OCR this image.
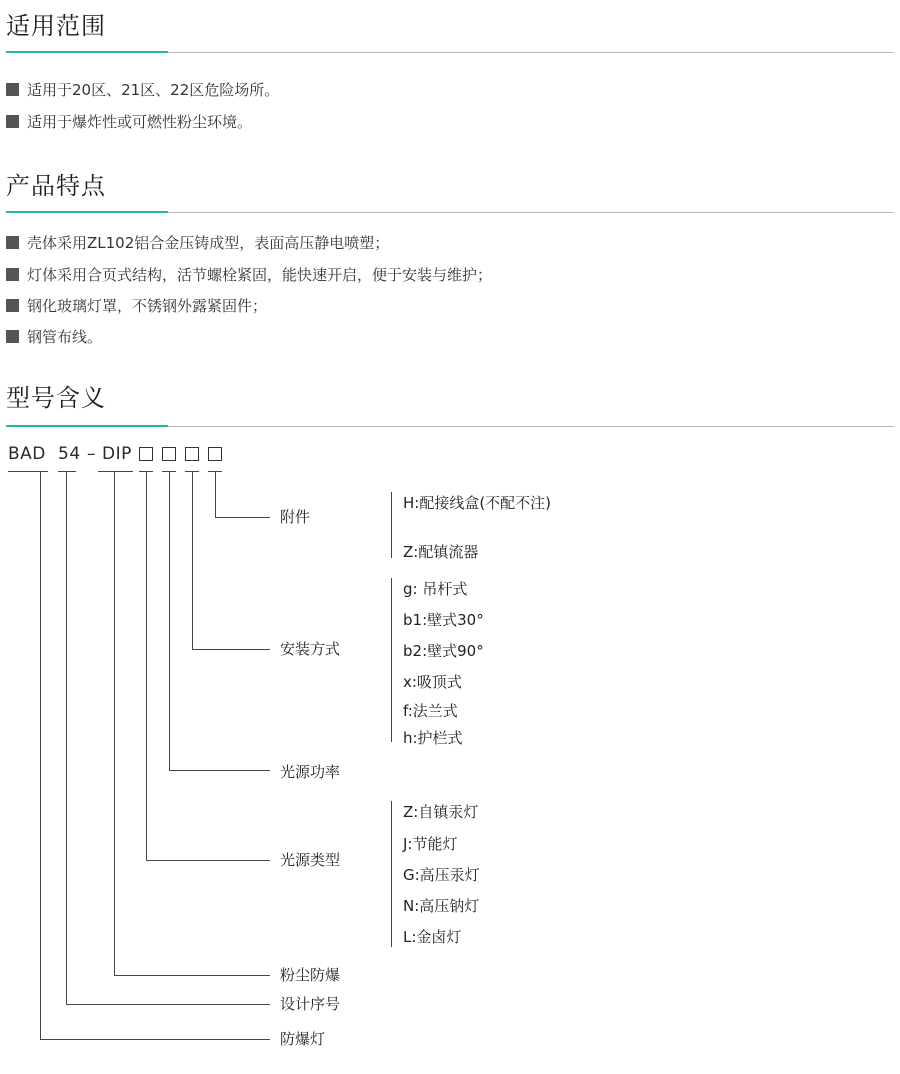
适用范围
适用于20区、21区、22区危险场所。
适用于爆炸性或可燃性粉尘环境。
产品特点
壳体采用ZL102铝合金压铸成型，表面高压静电喷塑；
灯体采用合页式结构，活节螺栓紧固，能快速开启，便于安装与维护；
钢化玻璃灯罩，不锈钢外露紧固件；
钢管布线。
型号含义
BAD 54 – DIP
附件
安装方式
光源功率
光源类型
粉尘防爆
设计序号
防爆灯
H:配接线盒(不配不注)
Z:配镇流器
g: 吊杆式
b1:壁式30°
b2:壁式90°
x:吸顶式
f:法兰式
h:护栏式
Z:自镇汞灯
J:节能灯
G:高压汞灯
N:高压钠灯
L:金卤灯
